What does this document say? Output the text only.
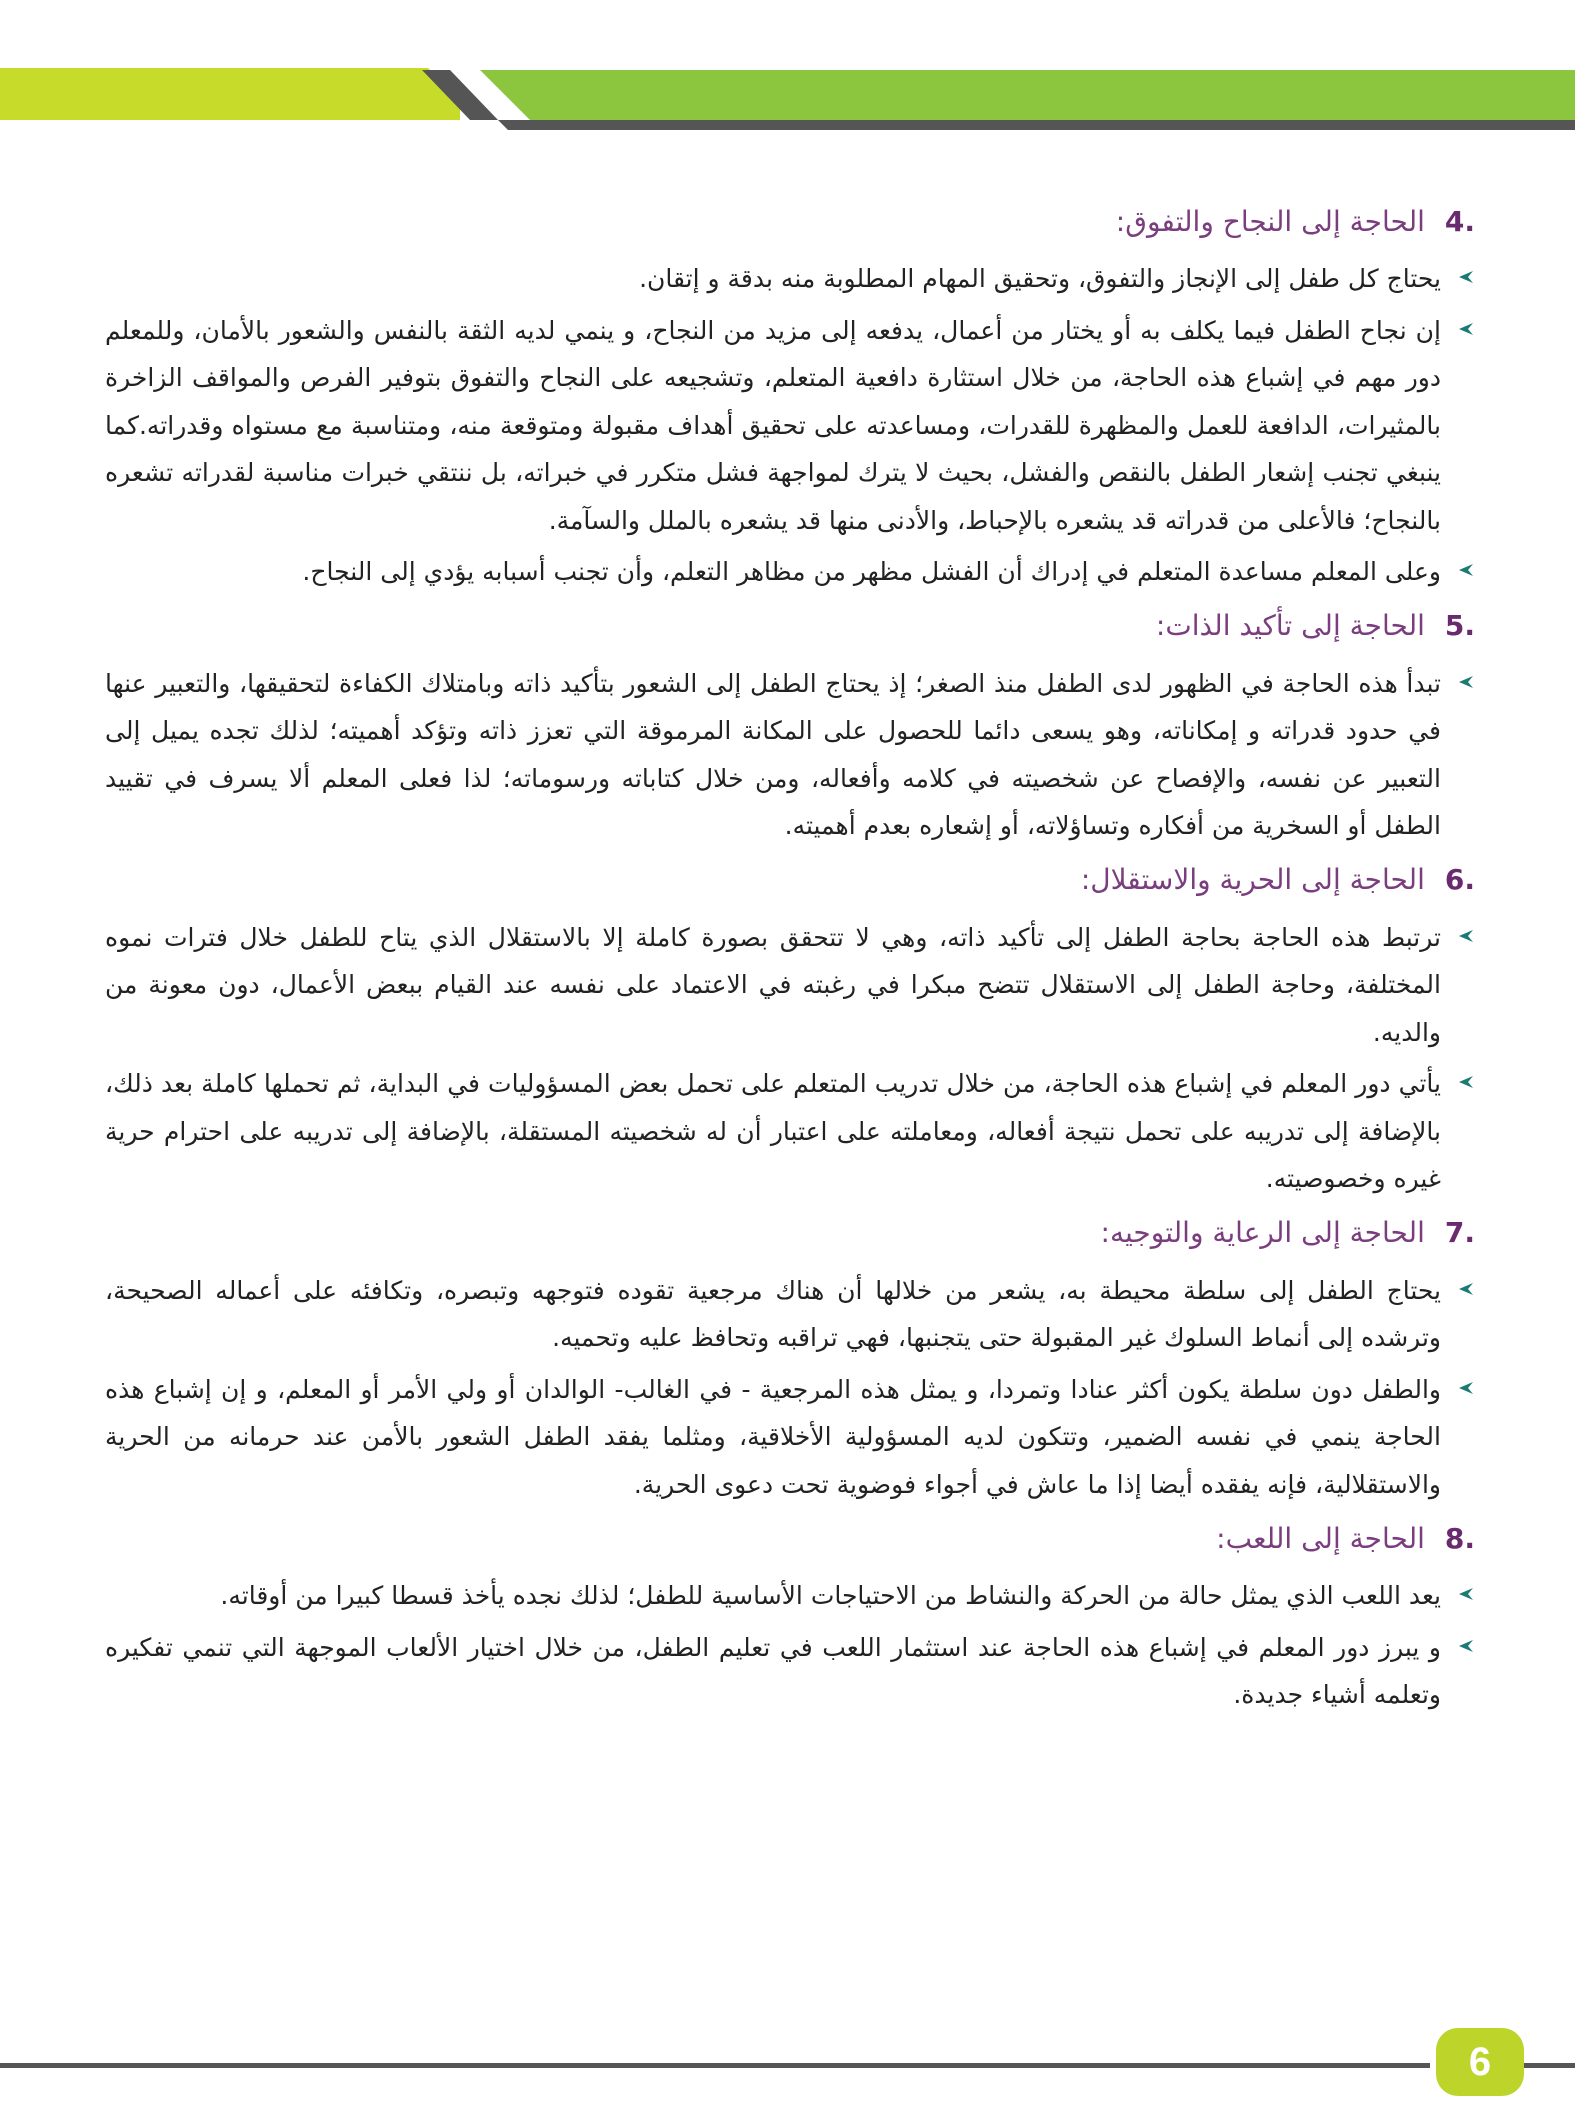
4.
الحاجة إلى النجاح والتفوق:
يحتاج كل طفل إلى الإنجاز والتفوق، وتحقيق المهام المطلوبة منه بدقة و إتقان.
إن نجاح الطفل فيما يكلف به أو يختار من أعمال، يدفعه إلى مزيد من النجاح، و ينمي لديه الثقة بالنفس والشعور بالأمان، وللمعلم دور مهم في إشباع هذه الحاجة، من خلال استثارة دافعية المتعلم، وتشجيعه على النجاح والتفوق بتوفير الفرص والمواقف الزاخرة بالمثيرات، الدافعة للعمل والمظهرة للقدرات، ومساعدته على تحقيق أهداف مقبولة ومتوقعة منه، ومتناسبة مع مستواه وقدراته.كما ينبغي تجنب إشعار الطفل بالنقص والفشل، بحيث لا يترك لمواجهة فشل متكرر في خبراته، بل ننتقي خبرات مناسبة لقدراته تشعره بالنجاح؛ فالأعلى من قدراته قد يشعره بالإحباط، والأدنى منها قد يشعره بالملل والسآمة.
وعلى المعلم مساعدة المتعلم في إدراك أن الفشل مظهر من مظاهر التعلم، وأن تجنب أسبابه يؤدي إلى النجاح.
5.
الحاجة إلى تأكيد الذات:
تبدأ هذه الحاجة في الظهور لدى الطفل منذ الصغر؛ إذ يحتاج الطفل إلى الشعور بتأكيد ذاته وبامتلاك الكفاءة لتحقيقها، والتعبير عنها في حدود قدراته و إمكاناته، وهو يسعى دائما للحصول على المكانة المرموقة التي تعزز ذاته وتؤكد أهميته؛ لذلك تجده يميل إلى التعبير عن نفسه، والإفصاح عن شخصيته في كلامه وأفعاله، ومن خلال كتاباته ورسوماته؛ لذا فعلى المعلم ألا يسرف في تقييد الطفل أو السخرية من أفكاره وتساؤلاته، أو إشعاره بعدم أهميته.
6.
الحاجة إلى الحرية والاستقلال:
ترتبط هذه الحاجة بحاجة الطفل إلى تأكيد ذاته، وهي لا تتحقق بصورة كاملة إلا بالاستقلال الذي يتاح للطفل خلال فترات نموه المختلفة، وحاجة الطفل إلى الاستقلال تتضح مبكرا في رغبته في الاعتماد على نفسه عند القيام ببعض الأعمال، دون معونة من والديه.
يأتي دور المعلم في إشباع هذه الحاجة، من خلال تدريب المتعلم على تحمل بعض المسؤوليات في البداية، ثم تحملها كاملة بعد ذلك، بالإضافة إلى تدريبه على تحمل نتيجة أفعاله، ومعاملته على اعتبار أن له شخصيته المستقلة، بالإضافة إلى تدريبه على احترام حرية غيره وخصوصيته.
7.
الحاجة إلى الرعاية والتوجيه:
يحتاج الطفل إلى سلطة محيطة به، يشعر من خلالها أن هناك مرجعية تقوده فتوجهه وتبصره، وتكافئه على أعماله الصحيحة، وترشده إلى أنماط السلوك غير المقبولة حتى يتجنبها، فهي تراقبه وتحافظ عليه وتحميه.
والطفل دون سلطة يكون أكثر عنادا وتمردا، و يمثل هذه المرجعية - في الغالب- الوالدان أو ولي الأمر أو المعلم، و إن إشباع هذه الحاجة ينمي في نفسه الضمير، وتتكون لديه المسؤولية الأخلاقية، ومثلما يفقد الطفل الشعور بالأمن عند حرمانه من الحرية والاستقلالية، فإنه يفقده أيضا إذا ما عاش في أجواء فوضوية تحت دعوى الحرية.
8.
الحاجة إلى اللعب:
يعد اللعب الذي يمثل حالة من الحركة والنشاط من الاحتياجات الأساسية للطفل؛ لذلك نجده يأخذ قسطا كبيرا من أوقاته.
و يبرز دور المعلم في إشباع هذه الحاجة عند استثمار اللعب في تعليم الطفل، من خلال اختيار الألعاب الموجهة التي تنمي تفكيره وتعلمه أشياء جديدة.
6
